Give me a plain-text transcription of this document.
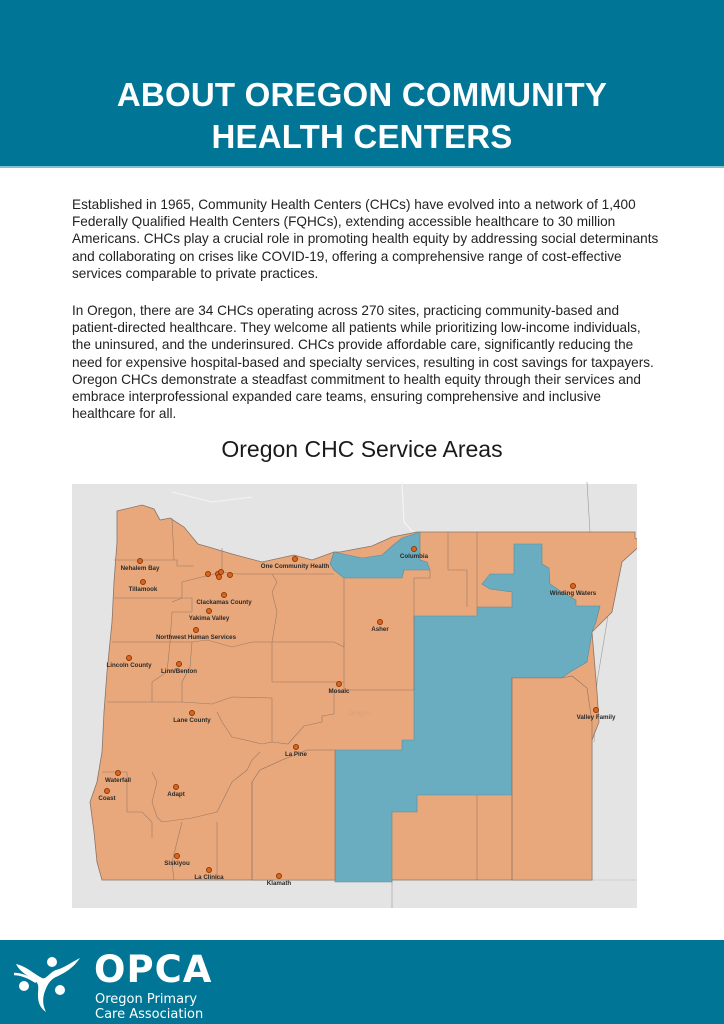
ABOUT OREGON COMMUNITY
HEALTH CENTERS
Established in 1965, Community Health Centers (CHCs) have evolved into a network of 1,400 Federally Qualified Health Centers (FQHCs), extending accessible healthcare to 30 million Americans. CHCs play a crucial role in promoting health equity by addressing social determinants and collaborating on crises like COVID-19, offering a comprehensive range of cost-effective services comparable to private practices.
In Oregon, there are 34 CHCs operating across 270 sites, practicing community-based and patient-directed healthcare. They welcome all patients while prioritizing low-income individuals, the uninsured, and the underinsured. CHCs provide affordable care, significantly reducing the need for expensive hospital-based and specialty services, resulting in cost savings for taxpayers. Oregon CHCs demonstrate a steadfast commitment to health equity through their services and embrace interprofessional expanded care teams, ensuring comprehensive and inclusive healthcare for all.
Oregon CHC Service Areas
Oregon
Nehalem Bay
Tillamook
One Community Health
Columbia
Clackamas County
Yakima Valley
Northwest Human Services
Winding Waters
Asher
Lincoln County
Linn/Benton
Mosaic
Lane County	Valley Family
La Pine
Waterfall
Adapt
Coast
Siskiyou
La Clinica
Klamath
OPCA
Oregon Primary
Care Association
